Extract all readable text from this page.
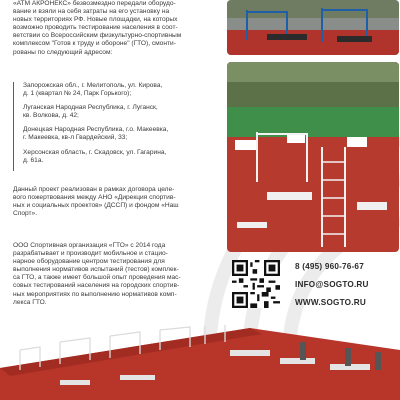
«АТМ АКРОНЕКС» безвозмездно передали оборудо-
вание и взяли на себя затраты на его установку на
новых территориях РФ. Новые площадки, на которых
возможно проводить тестирование населения в соот-
ветствии со Всероссийским физкультурно-спортивным
комплексом "Готов к труду и обороне" (ГТО), смонти-
рованы по следующий адресом:
Запорожская обл., г. Мелитополь, ул. Кирова,
д. 1 (квартал № 24, Парк Горького);
Луганская Народная Республика, г. Луганск,
кв. Волкова, д. 42;
Донецкая Народная Республика, г.о. Макеевка,
г. Макеевка, кв-л Гвардейский, 33;
Херсонская область, г. Скадовск, ул. Гагарина,
д. 61а.
Данный проект реализован в рамках договора целе-
вого пожертвования между АНО «Дирекция спортив-
ных и социальных проектов» (ДССП) и фондом «Наш
Спорт».
ООО Спортивная организация «ГТО» с 2014 года
разрабатывает и производит мобильное и стацио-
нарное оборудование центром тестирования для
выполнения нормативов испытаний (тестов) комплек-
са ГТО, а также имеет большой опыт проведения мас-
совых тестирований населения на городских спортив-
ных мероприятиях по выполнению нормативов комп-
лекса ГТО.
8 (495) 960-76-67
INFO@SOGTO.RU
WWW.SOGTO.RU
